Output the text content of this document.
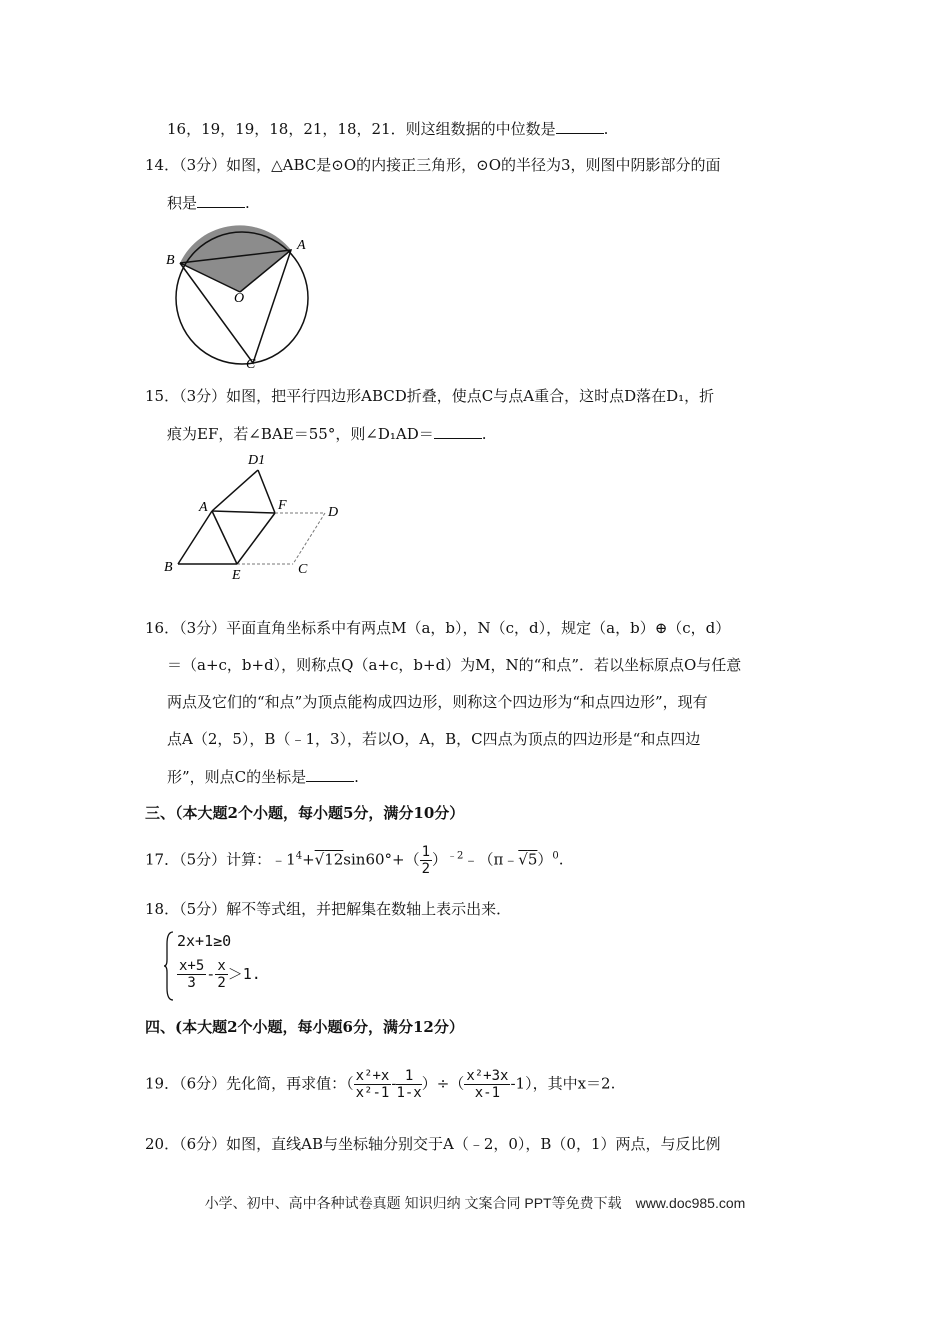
16，19，19，18，21，18，21．则这组数据的中位数是	.
14．（3分）如图，△ABC是⊙O的内接正三角形，⊙O的半径为3，则图中阴影部分的面
积是	.
B
A
O
C
15．（3分）如图，把平行四边形ABCD折叠，使点C与点A重合，这时点D落在D₁，折
痕为EF，若∠BAE＝55°，则∠D₁AD＝	.
D1
A	F	D
B
E	C
16．（3分）平面直角坐标系中有两点M（a，b），N（c，d），规定（a，b）⊕（c，d）
＝（a+c，b+d），则称点Q（a+c，b+d）为M，N的“和点”．若以坐标原点O与任意
两点及它们的“和点”为顶点能构成四边形，则称这个四边形为“和点四边形”，现有
点A（2，5），B（﹣1，3），若以O，A，B，C四点为顶点的四边形是“和点四边
形”，则点C的坐标是	.
三、（本大题2个小题，每小题5分，满分10分）
17．（5分）计算：$﹣1^4+√12\sin 60^\circ+( \frac{1}{2}$ ）$^{﹣2}$﹣（π﹣√5）$^0$.
18．（5分）解不等式组，并把解集在数轴上表示出来．
2x+1≥0
$\frac{x+5}{3} - \frac{x}{2} >1$.
四、(本大题2个小题，每小题6分，满分12分）
19．（6分）先化简，再求值：（ $\frac{\text{x²+x}}{\text{x²-1}} - \frac{1}{1-x}$ ）÷（ $\frac{\text{x²+3x}}{x-1} -1$），其中x＝2.
20．（6分）如图，直线AB与坐标轴分别交于A（﹣2，0），B（0，1）两点，与反比例
小学、初中、高中各种试卷真题 知识归纳 文案合同 PPT等免费下载　www.doc985.com
